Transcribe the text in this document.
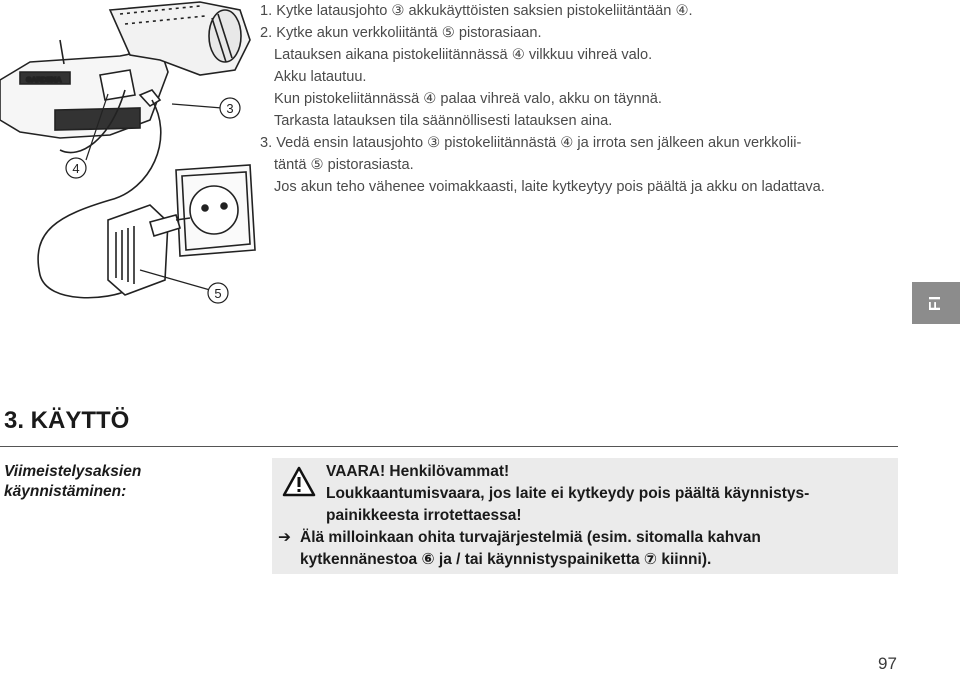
GARDENA
3
4
5

1. Kytke latausjohto ③ akkukäyttöisten saksien pistokeliitäntään ④.

2. Kytke akun verkkoliitäntä ⑤ pistorasiaan.

Latauksen aikana pistokeliitännässä ④ vilkkuu vihreä valo.

Akku latautuu.

Kun pistokeliitännässä ④ palaa vihreä valo, akku on täynnä.

Tarkasta latauksen tila säännöllisesti latauksen aina.

3. Vedä ensin latausjohto ③ pistokeliitännästä ④ ja irrota sen jälkeen akun verkkolii-

täntä ⑤ pistorasiasta.

Jos akun teho vähenee voimakkaasti, laite kytkeytyy pois päältä ja akku on ladattava.

FI
3. KÄYTTÖ
Viimeistelysaksien käynnistäminen:

VAARA! Henkilövammat!

Loukkaantumisvaara, jos laite ei kytkeydy pois päältä käynnistys-

painikkeesta irrotettaessa!

➔ Älä milloinkaan ohita turvajärjestelmiä (esim. sitomalla kahvan

kytkennänestoa ⑥ ja / tai käynnistyspainiketta ⑦ kiinni).

97
